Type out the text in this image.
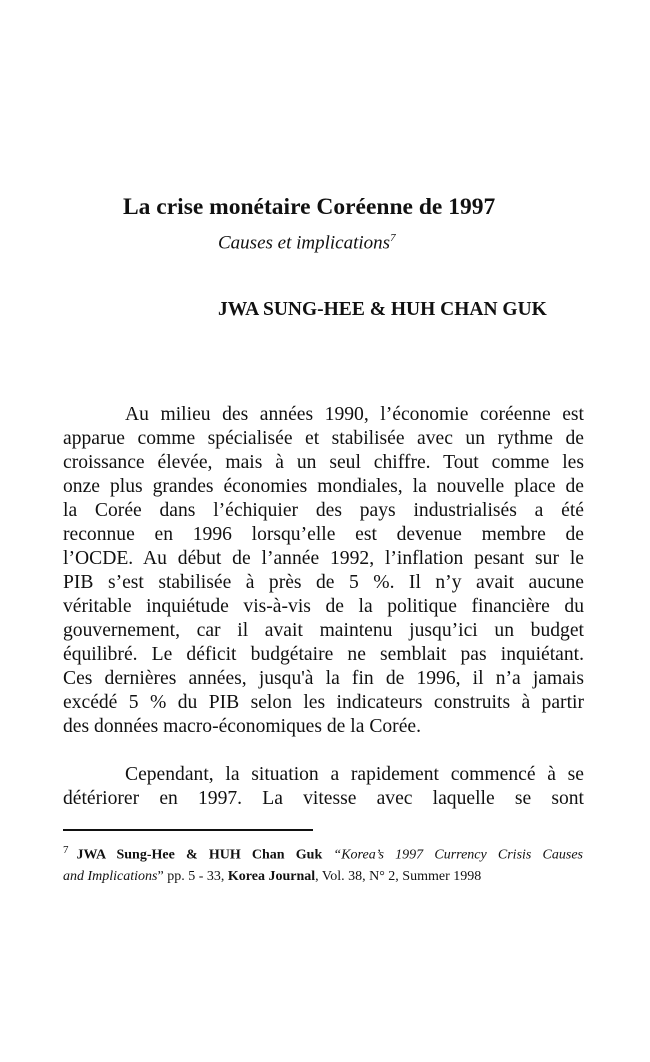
La crise monétaire Coréenne de 1997
Causes et implications$^7$
JWA SUNG-HEE & HUH CHAN GUK
Au milieu des années 1990, l’économie coréenne est
apparue comme spécialisée et stabilisée avec un rythme de
croissance élevée, mais à un seul chiffre. Tout comme les
onze plus grandes économies mondiales, la nouvelle place de
la Corée dans l’échiquier des pays industrialisés a été
reconnue en 1996 lorsqu’elle est devenue membre de
l’OCDE. Au début de l’année 1992, l’inflation pesant sur le
PIB s’est stabilisée à près de 5 %. Il n’y avait aucune
véritable inquiétude vis-à-vis de la politique financière du
gouvernement, car il avait maintenu jusqu’ici un budget
équilibré. Le déficit budgétaire ne semblait pas inquiétant.
Ces dernières années, jusqu'à la fin de 1996, il n’a jamais
excédé 5 % du PIB selon les indicateurs construits à partir
des données macro-économiques de la Corée.
Cependant, la situation a rapidement commencé à se
détériorer en 1997. La vitesse avec laquelle se sont
$^7$ JWA Sung-Hee & HUH Chan Guk “Korea’s 1997 Currency Crisis Causes
and Implications” pp. 5 - 33, Korea Journal, Vol. 38, N° 2, Summer 1998
